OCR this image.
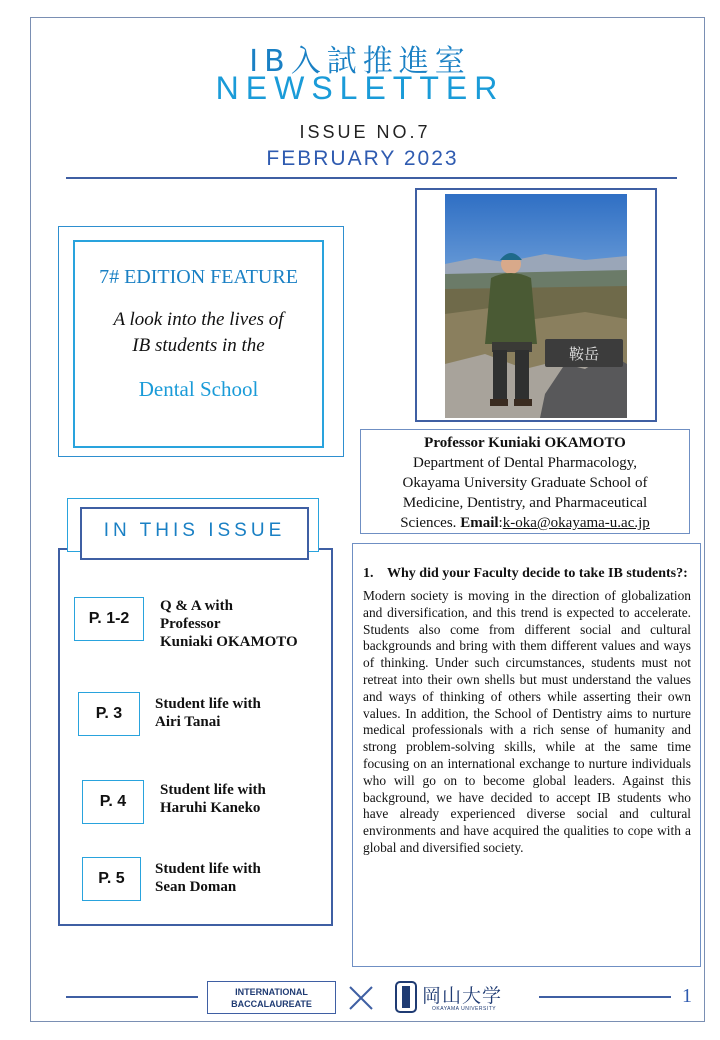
IB入試推進室
NEWSLETTER
ISSUE NO.7
FEBRUARY 2023
7# EDITION FEATURE
A look into the lives of
IB students in the
Dental School
鞍岳
Professor Kuniaki OKAMOTO
Department of Dental Pharmacology,
Okayama University Graduate School of
Medicine, Dentistry, and Pharmaceutical
Sciences. Email:k-oka@okayama-u.ac.jp
IN THIS ISSUE
P. 1-2
Q & A with
Professor
Kuniaki OKAMOTO
P. 3
Student life with
Airi Tanai
P. 4
Student life with
Haruhi Kaneko
P. 5
Student life with
Sean Doman
1. Why did your Faculty decide to take IB students?:
Modern society is moving in the direction of globalization and diversification, and this trend is expected to accelerate. Students also come from different social and cultural backgrounds and bring with them different values and ways of thinking. Under such circumstances, students must not retreat into their own shells but must understand the values and ways of thinking of others while asserting their own values. In addition, the School of Dentistry aims to nurture medical professionals with a rich sense of humanity and strong problem-solving skills, while at the same time focusing on an international exchange to nurture individuals who will go on to become global leaders. Against this background, we have decided to accept IB students who have already experienced diverse social and cultural environments and have acquired the qualities to cope with a global and diversified society.
INTERNATIONAL
BACCALAUREATE	岡山大学
OKAYAMA UNIVERSITY
1
